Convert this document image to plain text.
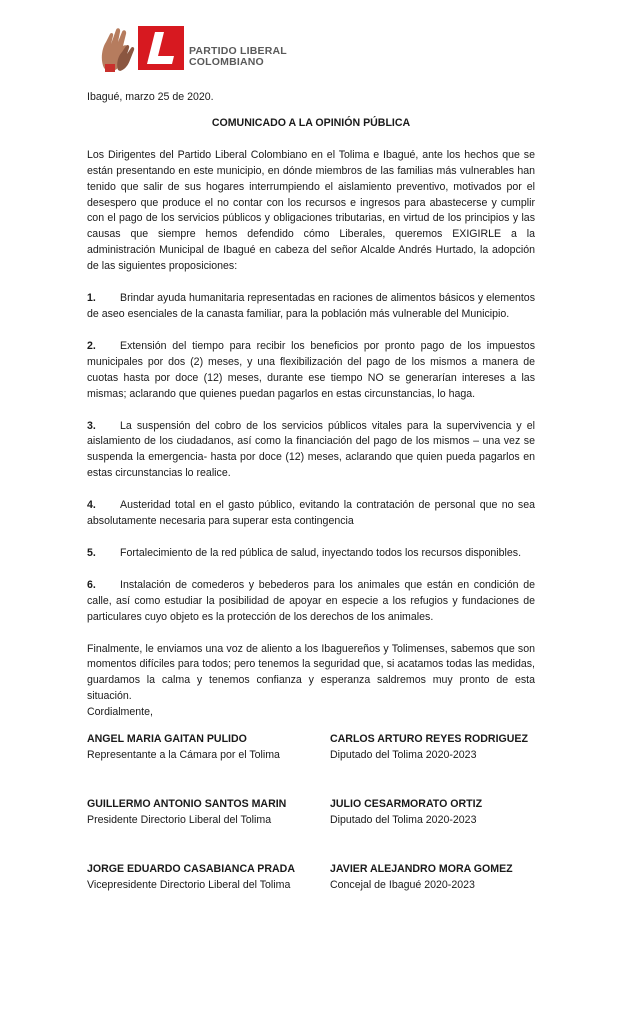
PARTIDO LIBERAL
COLOMBIANO

Ibagué, marzo 25 de 2020.

COMUNICADO A LA OPINIÓN PÚBLICA

Los Dirigentes del Partido Liberal Colombiano en el Tolima e Ibagué, ante los hechos que se están presentando en este municipio, en dónde miembros de las familias más vulnerables han tenido que salir de sus hogares interrumpiendo el aislamiento preventivo, motivados por el desespero que produce el no contar con los recursos e ingresos para abastecerse y cumplir con el pago de los servicios públicos y obligaciones tributarias, en virtud de los principios y las causas que siempre hemos defendido cómo Liberales, queremos EXIGIRLE a la administración Municipal de Ibagué en cabeza del señor Alcalde Andrés Hurtado, la adopción de las siguientes proposiciones:

1. Brindar ayuda humanitaria representadas en raciones de alimentos básicos y elementos de aseo esenciales de la canasta familiar, para la población más vulnerable del Municipio.

2. Extensión del tiempo para recibir los beneficios por pronto pago de los impuestos municipales por dos (2) meses, y una flexibilización del pago de los mismos a manera de cuotas hasta por doce (12) meses, durante ese tiempo NO se generarían intereses a las mismas; aclarando que quienes puedan pagarlos en estas circunstancias, lo haga.

3. La suspensión del cobro de los servicios públicos vitales para la supervivencia y el aislamiento de los ciudadanos, así como la financiación del pago de los mismos – una vez se suspenda la emergencia- hasta por doce (12) meses, aclarando que quien pueda pagarlos en estas circunstancias lo realice.

4. Austeridad total en el gasto público, evitando la contratación de personal que no sea absolutamente necesaria para superar esta contingencia

5. Fortalecimiento de la red pública de salud, inyectando todos los recursos disponibles.

6. Instalación de comederos y bebederos para los animales que están en condición de calle, así como estudiar la posibilidad de apoyar en especie a los refugios y fundaciones de particulares cuyo objeto es la protección de los derechos de los animales.

Finalmente, le enviamos una voz de aliento a los Ibaguereños y Tolimenses, sabemos que son momentos difíciles para todos; pero tenemos la seguridad que, si acatamos todas las medidas, guardamos la calma y tenemos confianza y esperanza saldremos muy pronto de esta situación.

Cordialmente,

ANGEL MARIA GAITAN PULIDO
Representante a la Cámara por el Tolima
CARLOS ARTURO REYES RODRIGUEZ
Diputado del Tolima 2020-2023
GUILLERMO ANTONIO SANTOS MARIN
Presidente Directorio Liberal del Tolima
JULIO CESARMORATO ORTIZ
Diputado del Tolima 2020-2023
JORGE EDUARDO CASABIANCA PRADA
Vicepresidente Directorio Liberal del Tolima
JAVIER ALEJANDRO MORA GOMEZ
Concejal de Ibagué 2020-2023
